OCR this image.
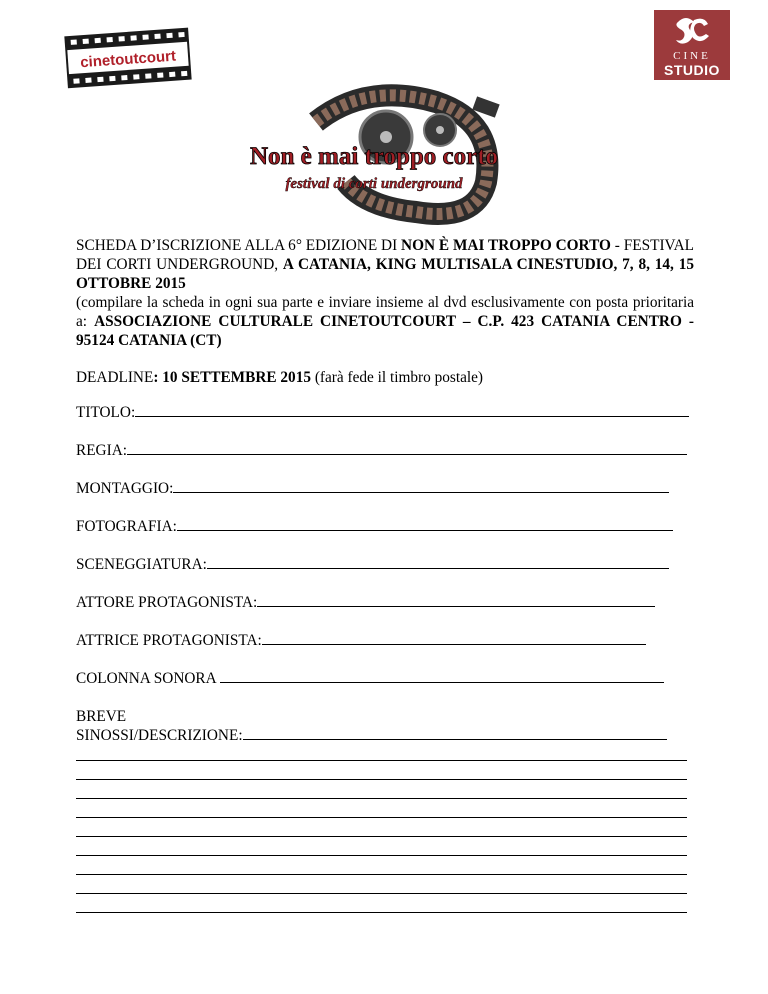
cinetoutcourt	CINE
STUDIO
Non è mai troppo corto
festival di corti underground

SCHEDA D’ISCRIZIONE ALLA 6° EDIZIONE DI NON È MAI TROPPO CORTO - FESTIVAL DEI CORTI UNDERGROUND, A CATANIA, KING MULTISALA CINESTUDIO, 7, 8, 14, 15 OTTOBRE 2015

(compilare la scheda in ogni sua parte e inviare insieme al dvd esclusivamente con posta prioritaria a: ASSOCIAZIONE CULTURALE CINETOUTCOURT – C.P. 423 CATANIA CENTRO - 95124 CATANIA (CT)

DEADLINE: 10 SETTEMBRE 2015 (farà fede il timbro postale)
TITOLO:
REGIA:
MONTAGGIO:
FOTOGRAFIA:
SCENEGGIATURA:
ATTORE PROTAGONISTA:
ATTRICE PROTAGONISTA:
COLONNA SONORA
BREVE
SINOSSI/DESCRIZIONE:
